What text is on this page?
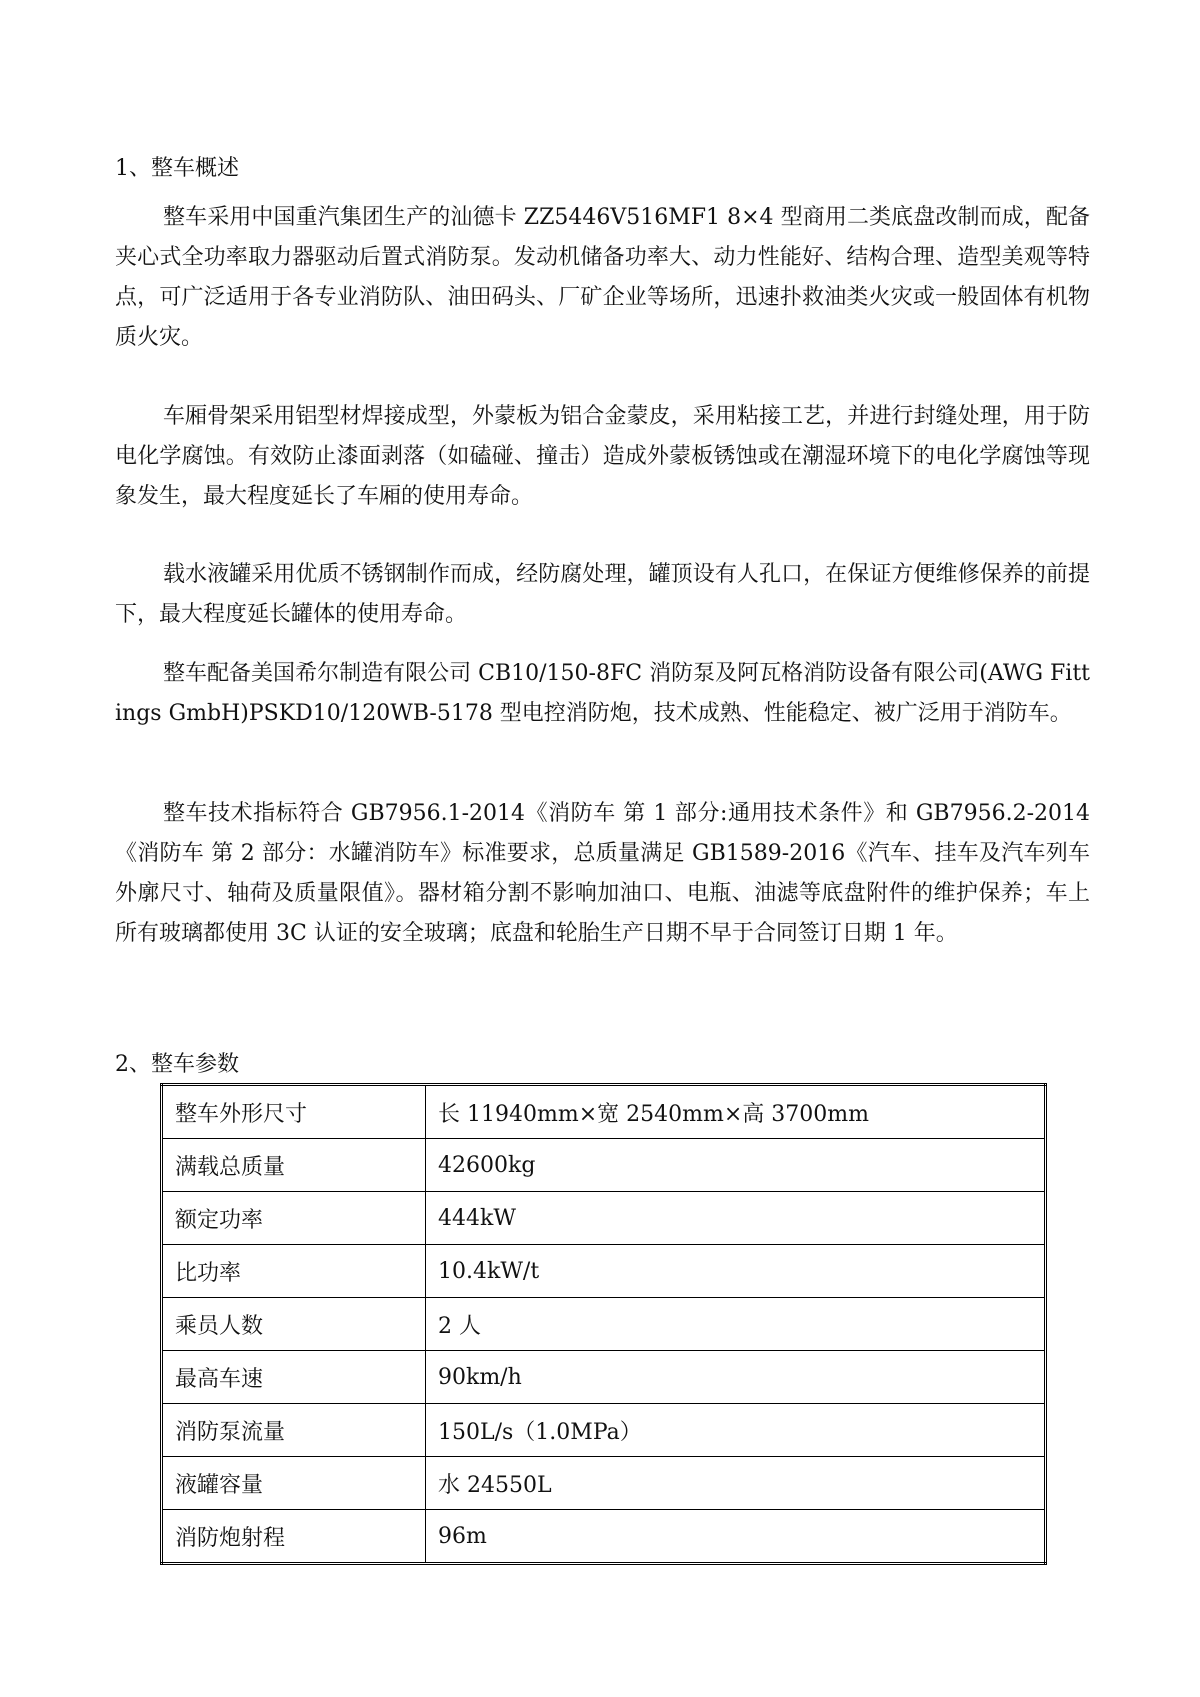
1、整车概述

整车采用中国重汽集团生产的汕德卡 ZZ5446V516MF1 8×4 型商用二类底盘改制而成，配备夹心式全功率取力器驱动后置式消防泵。发动机储备功率大、动力性能好、结构合理、造型美观等特点，可广泛适用于各专业消防队、油田码头、厂矿企业等场所，迅速扑救油类火灾或一般固体有机物质火灾。

车厢骨架采用铝型材焊接成型，外蒙板为铝合金蒙皮，采用粘接工艺，并进行封缝处理，用于防电化学腐蚀。有效防止漆面剥落（如磕碰、撞击）造成外蒙板锈蚀或在潮湿环境下的电化学腐蚀等现象发生，最大程度延长了车厢的使用寿命。

载水液罐采用优质不锈钢制作而成，经防腐处理，罐顶设有人孔口，在保证方便维修保养的前提下，最大程度延长罐体的使用寿命。

整车配备美国希尔制造有限公司 CB10/150-8FC 消防泵及阿瓦格消防设备有限公司(AWG Fittings GmbH)PSKD10/120WB-5178 型电控消防炮，技术成熟、性能稳定、被广泛用于消防车。

整车技术指标符合 GB7956.1-2014《消防车 第 1 部分:通用技术条件》和 GB7956.2-2014《消防车 第 2 部分：水罐消防车》标准要求，总质量满足 GB1589-2016《汽车、挂车及汽车列车外廓尺寸、轴荷及质量限值》。器材箱分割不影响加油口、电瓶、油滤等底盘附件的维护保养；车上所有玻璃都使用 3C 认证的安全玻璃；底盘和轮胎生产日期不早于合同签订日期 1 年。

2、整车参数
整车外形尺寸	长 11940mm×宽 2540mm×高 3700mm
满载总质量	42600kg
额定功率	444kW
比功率	10.4kW/t
乘员人数	2 人
最高车速	90km/h
消防泵流量	150L/s（1.0MPa）
液罐容量	水 24550L
消防炮射程	96m
